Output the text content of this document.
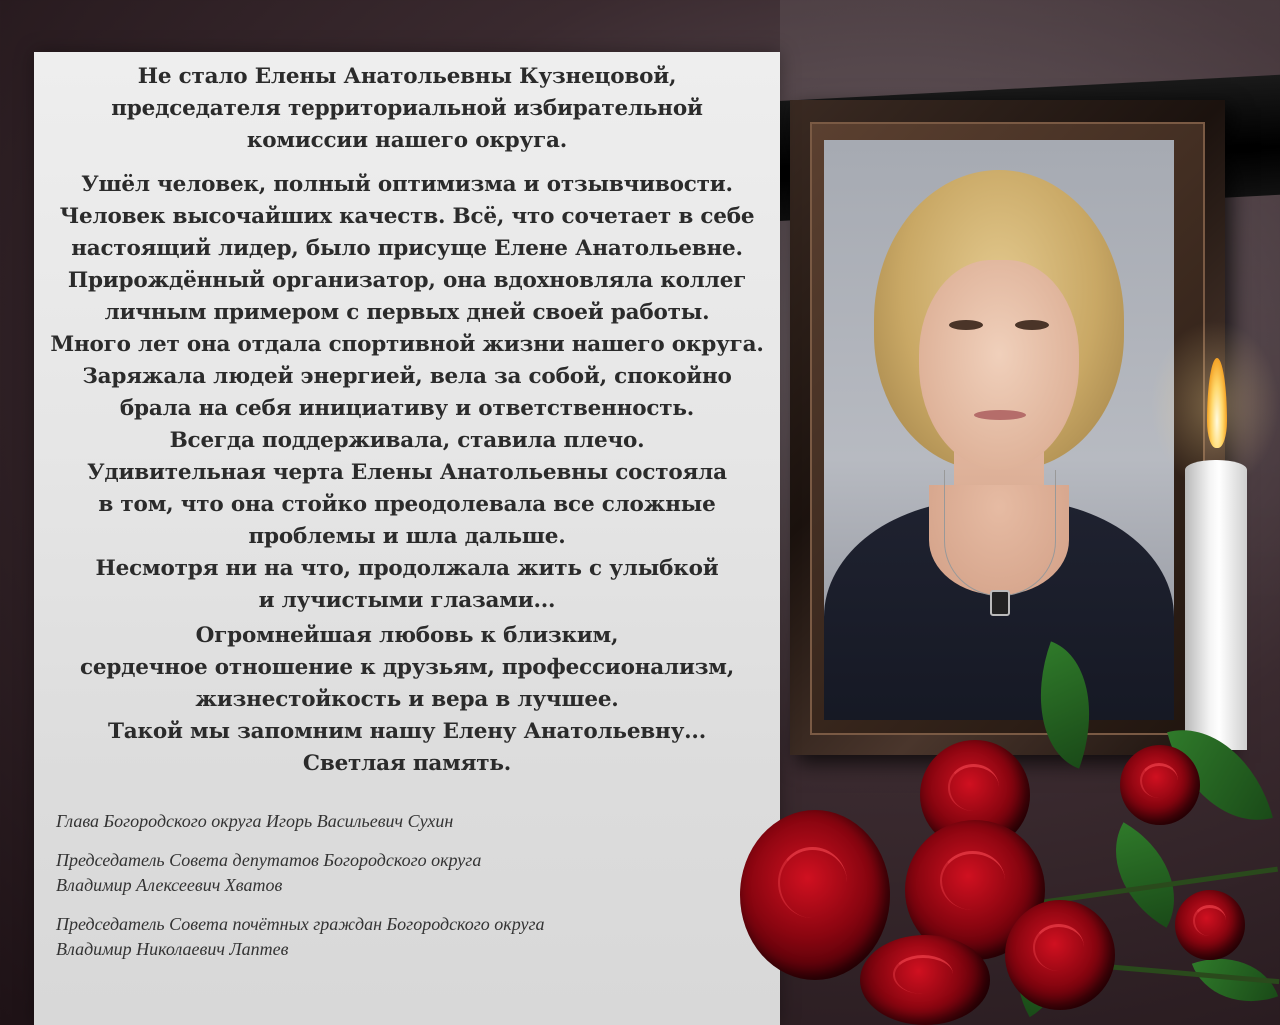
Не стало Елены Анатольевны Кузнецовой,
председателя территориальной избирательной
комиссии нашего округа.
Ушёл человек, полный оптимизма и отзывчивости.
Человек высочайших качеств. Всё, что сочетает в себе
настоящий лидер, было присуще Елене Анатольевне.
Прирождённый организатор, она вдохновляла коллег
личным примером с первых дней своей работы.
Много лет она отдала спортивной жизни нашего округа.
Заряжала людей энергией, вела за собой, спокойно
брала на себя инициативу и ответственность.
Всегда поддерживала, ставила плечо.
Удивительная черта Елены Анатольевны состояла
в том, что она стойко преодолевала все сложные
проблемы и шла дальше.
Несмотря ни на что, продолжала жить с улыбкой
и лучистыми глазами...
Огромнейшая любовь к близким,
сердечное отношение к друзьям, профессионализм,
жизнестойкость и вера в лучшее.
Такой мы запомним нашу Елену Анатольевну...
Светлая память.
Глава Богородского округа Игорь Васильевич Сухин
Председатель Совета депутатов Богородского округа
Владимир Алексеевич Хватов
Председатель Совета почётных граждан Богородского округа
Владимир Николаевич Лаптев
